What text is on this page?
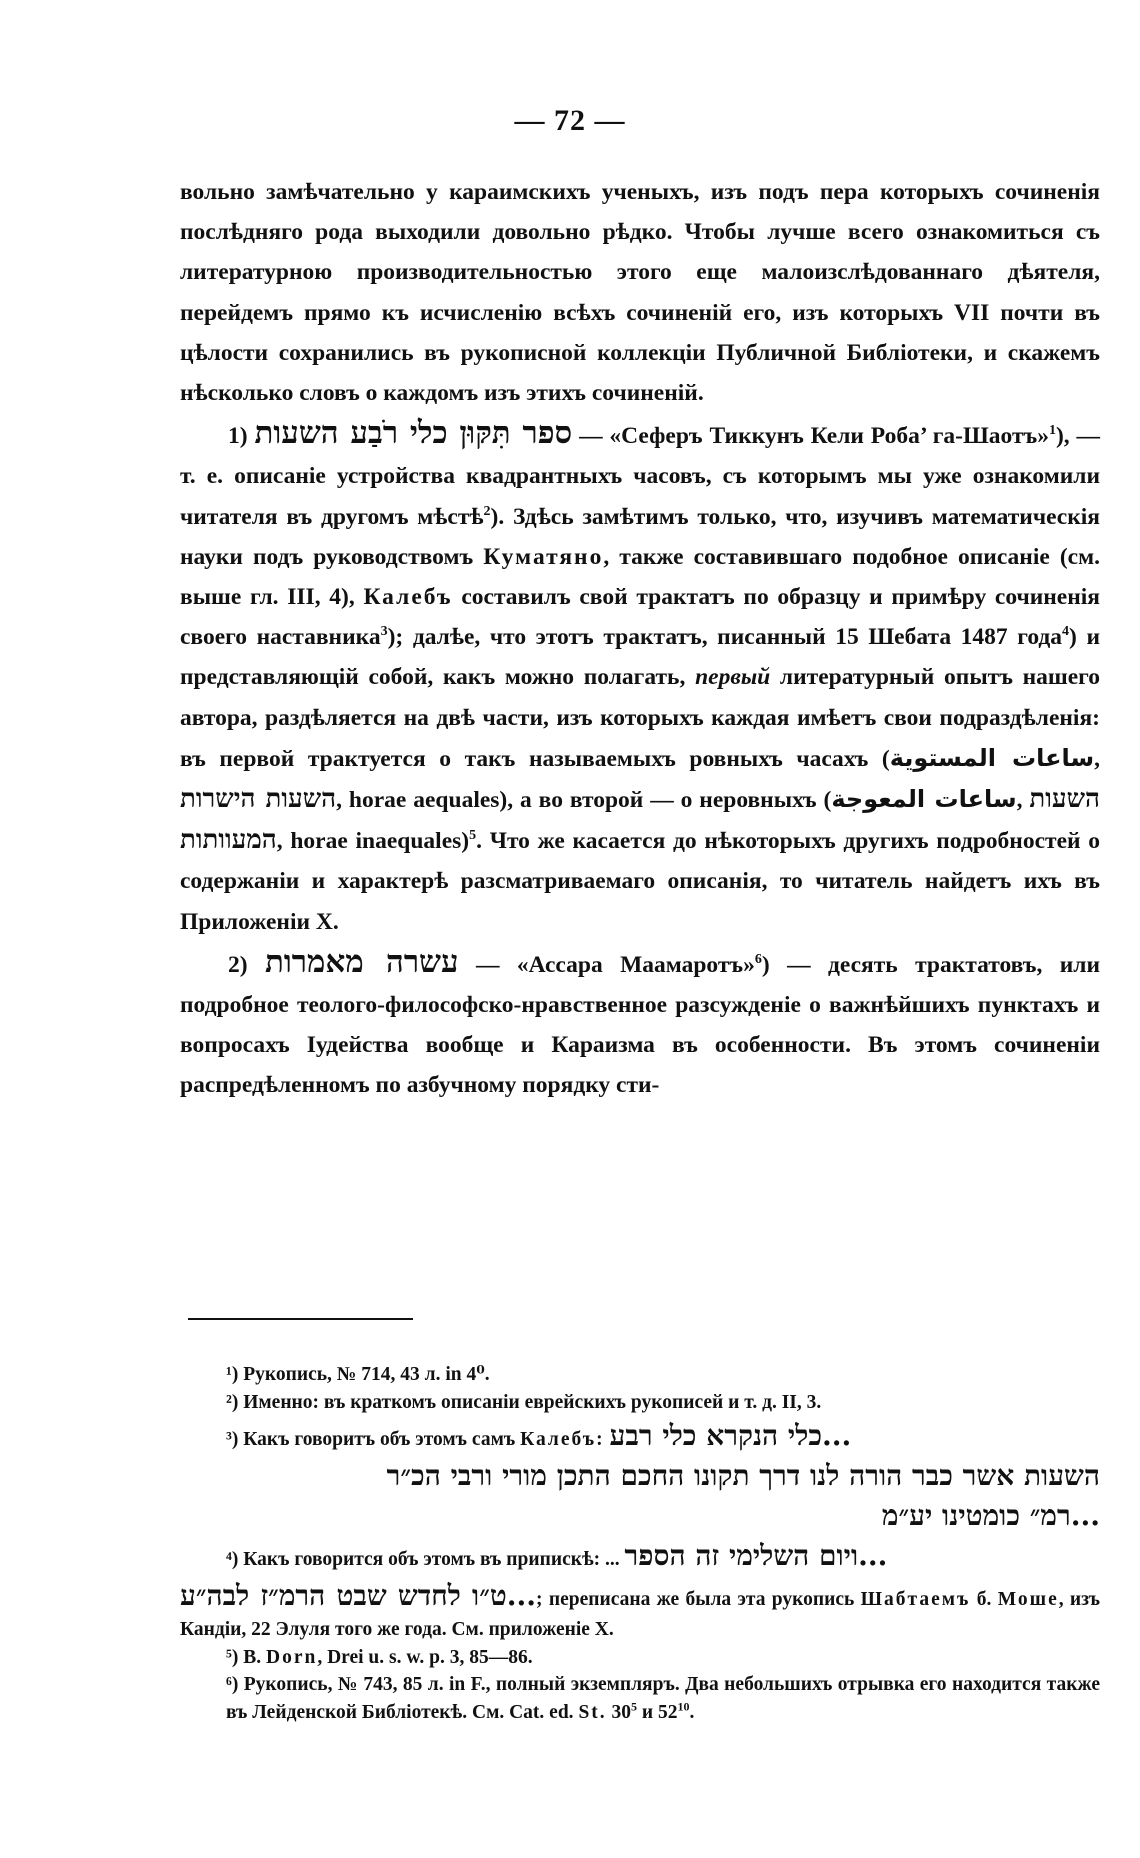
— 72 —

вольно замѣчательно у караимскихъ ученыхъ, изъ подъ пера которыхъ сочиненія послѣдняго рода выходили довольно рѣдко. Чтобы лучше всего ознакомиться съ литературною производительностью этого еще малоизслѣдованнаго дѣятеля, перейдемъ прямо къ исчисленію всѣхъ сочиненій его, изъ которыхъ VII почти въ цѣлости сохранились въ рукописной коллекціи Публичной Библіотеки, и скажемъ нѣсколько словъ о каждомъ изъ этихъ сочиненій.

1) ספר תִּקּוּן כלי רֹבַע השעות — «Сеферъ Тиккунъ Кели Роба’ га-Шаотъ»$^1$), — т. е. описаніе устройства квадрантныхъ часовъ, съ которымъ мы уже ознакомили читателя въ другомъ мѣстѣ$^2$). Здѣсь замѣтимъ только, что, изучивъ математическія науки подъ руководствомъ Куматяно, также составившаго подобное описаніе (см. выше гл. III, 4), Калебъ составилъ свой трактатъ по образцу и примѣру сочиненія своего наставника$^3$); далѣе, что этотъ трактатъ, писанный 15 Шебата 1487 года$^4$) и представляющій собой, какъ можно полагать, первый литературный опытъ нашего автора, раздѣляется на двѣ части, изъ которыхъ каждая имѣетъ свои подраздѣленія: въ первой трактуется о такъ называемыхъ ровныхъ часахъ (ساعات المستوية, השעות הישרות, horae aequales), а во второй — о неровныхъ (ساعات المعوجة, השעות המעוותות, horae inaequales)$^5$. Что же касается до нѣкоторыхъ другихъ подробностей о содержаніи и характерѣ разсматриваемаго описанія, то читатель найдетъ ихъ въ Приложеніи X.

2) עשרה מאמרות — «Ассара Маамаротъ»$^6$) — десять трактатовъ, или подробное теолого-философско-нравственное разсужденіе о важнѣйшихъ пунктахъ и вопросахъ Іудейства вообще и Караизма въ особенности. Въ этомъ сочиненіи распредѣленномъ по азбучному порядку сти-

¹) Рукопись, № 714, 43 л. in 4⁰.

²) Именно: въ краткомъ описаніи еврейскихъ рукописей и т. д. II, 3.

³) Какъ говоритъ объ этомъ самъ Калебъ: ...כלי הנקרא כלי רבע

השעות אשר כבר הורה לנו דרך תקונו החכם התכן מורי ורבי הכ״ר

...רמ״ כומטינו יע״מ

⁴) Какъ говорится объ этомъ въ припискѣ: ... ...ויום השלימי זה הספר

...ט״ו לחדש שבט הרמ״ז לבה״ע; переписана же была эта рукопись Шабтаемъ б. Моше, изъ Кандіи, 22 Элуля того же года. См. приложеніе X.

⁵) B. Dorn, Drei u. s. w. p. 3, 85—86.

⁶) Рукопись, № 743, 85 л. in F., полный экземпляръ. Два небольшихъ отрывка его находится также въ Лейденской Библіотекѣ. См. Cat. ed. St. $30^5$ и $52^{10}$.
